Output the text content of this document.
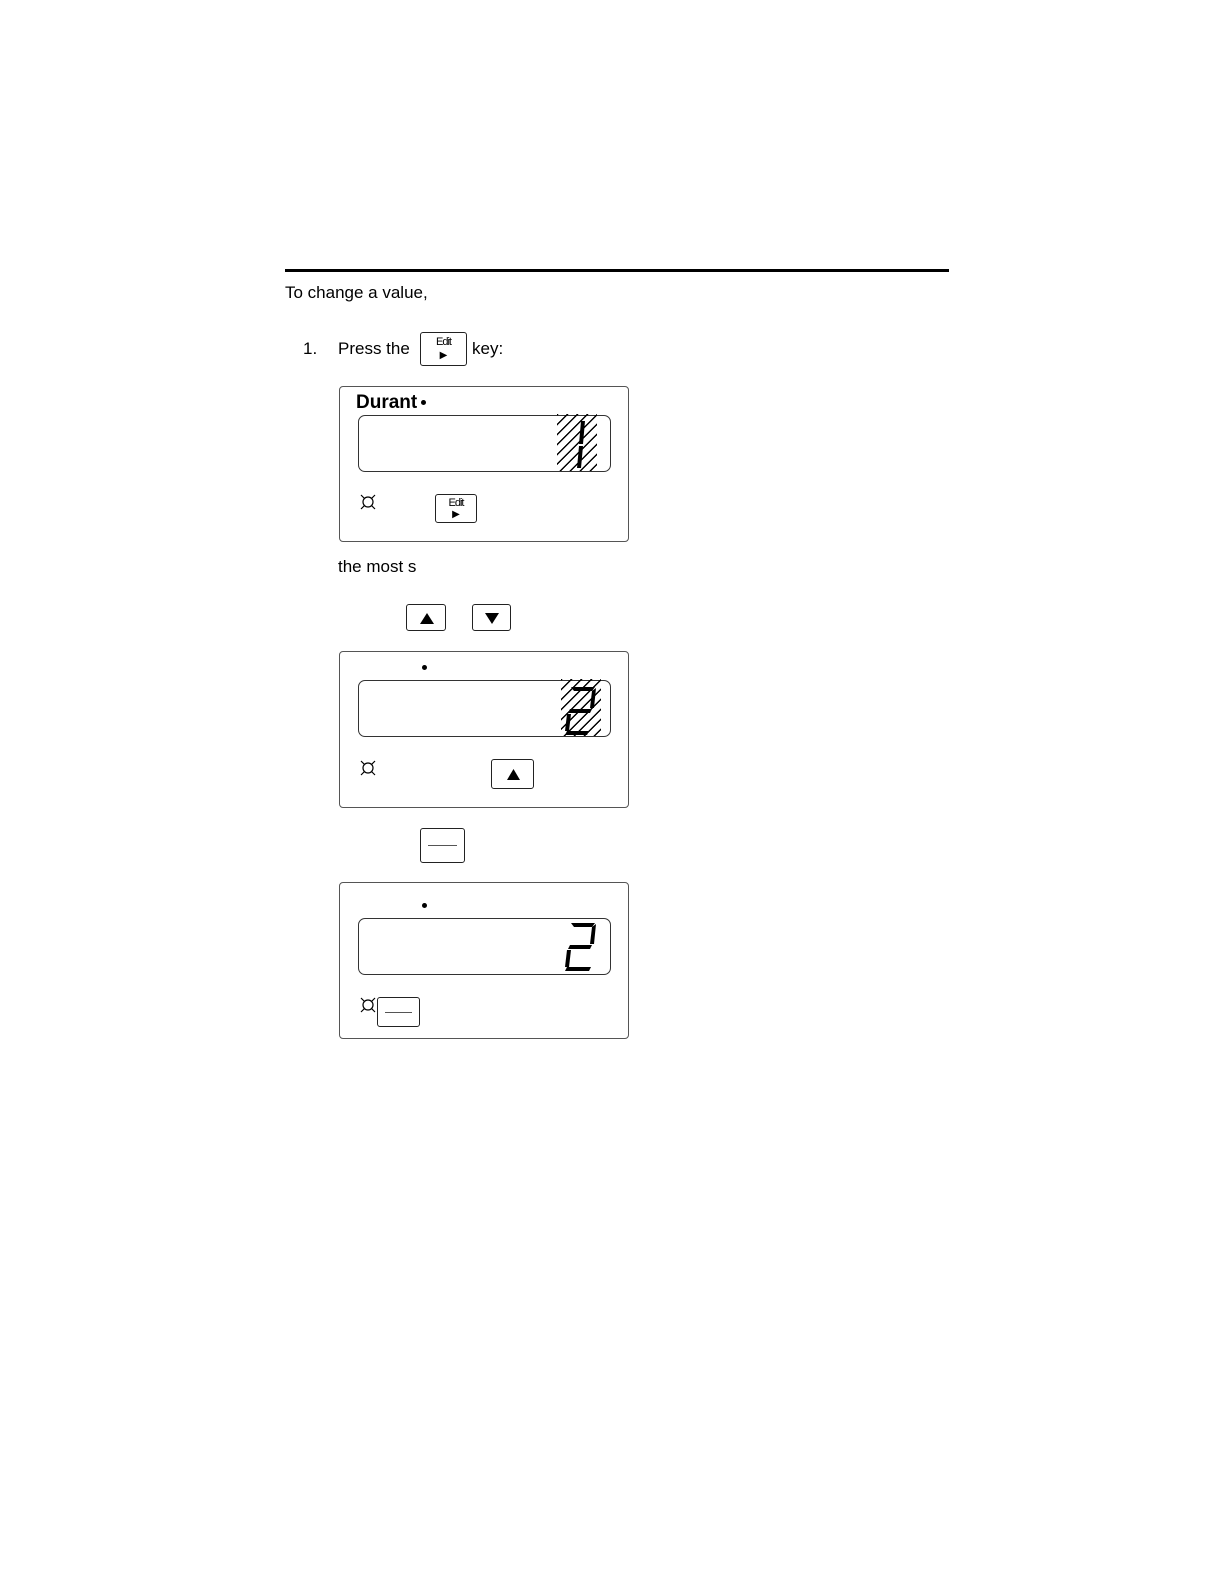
To change a value,
1. Press the	Edit
▶	key:
Durant
Edit
▶
the most s
